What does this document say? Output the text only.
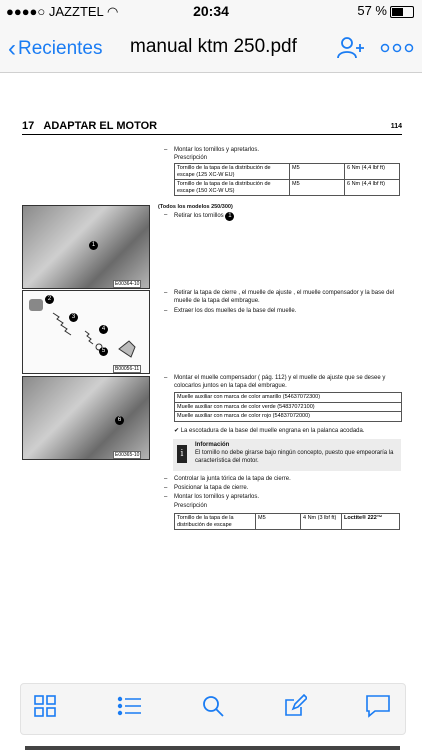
●●●●○ JAZZTEL ◠	20:34	57 %
‹ Recientes manual ktm 250.pdf

17 ADAPTAR EL MOTOR	114
– Montar los tornillos y apretarlos.
Prescripción
Tornillo de la tapa de la distribución de escape (125 XC-W EU)	M5	6 Nm (4,4 lbf ft)
Tornillo de la tapa de la distribución de escape (150 XC-W US)	M5	6 Nm (4,4 lbf ft)
(Todos los modelos 250/300)
– Retirar los tornillos 1
1
E00364-10
– Retirar la tapa de cierre , el muelle de ajuste , el muelle compensador y la base del muelle de la tapa del embrague.
– Extraer los dos muelles de la base del muelle.
2
3
4
5
B00056-11
– Montar el muelle compensador ( pág. 112) y el muelle de ajuste que se desee y colocarlos juntos en la tapa del embrague.
6
E00365-10
Muelle auxiliar con marca de color amarillo (54637072300)
Muelle auxiliar con marca de color verde (54837072100)
Muelle auxiliar con marca de color rojo (54837072000)
✔ La escotadura de la base del muelle engrana en la palanca acodada.
i
Información
El tornillo no debe girarse bajo ningún concepto, puesto que empeoraría la característica del motor.
– Controlar la junta tórica de la tapa de cierre.
– Posicionar la tapa de cierre.
– Montar los tornillos y apretarlos.
Prescripción
Tornillo de la tapa de la distribución de escape	M5	4 Nm (3 lbf ft)	Loctite® 222™
